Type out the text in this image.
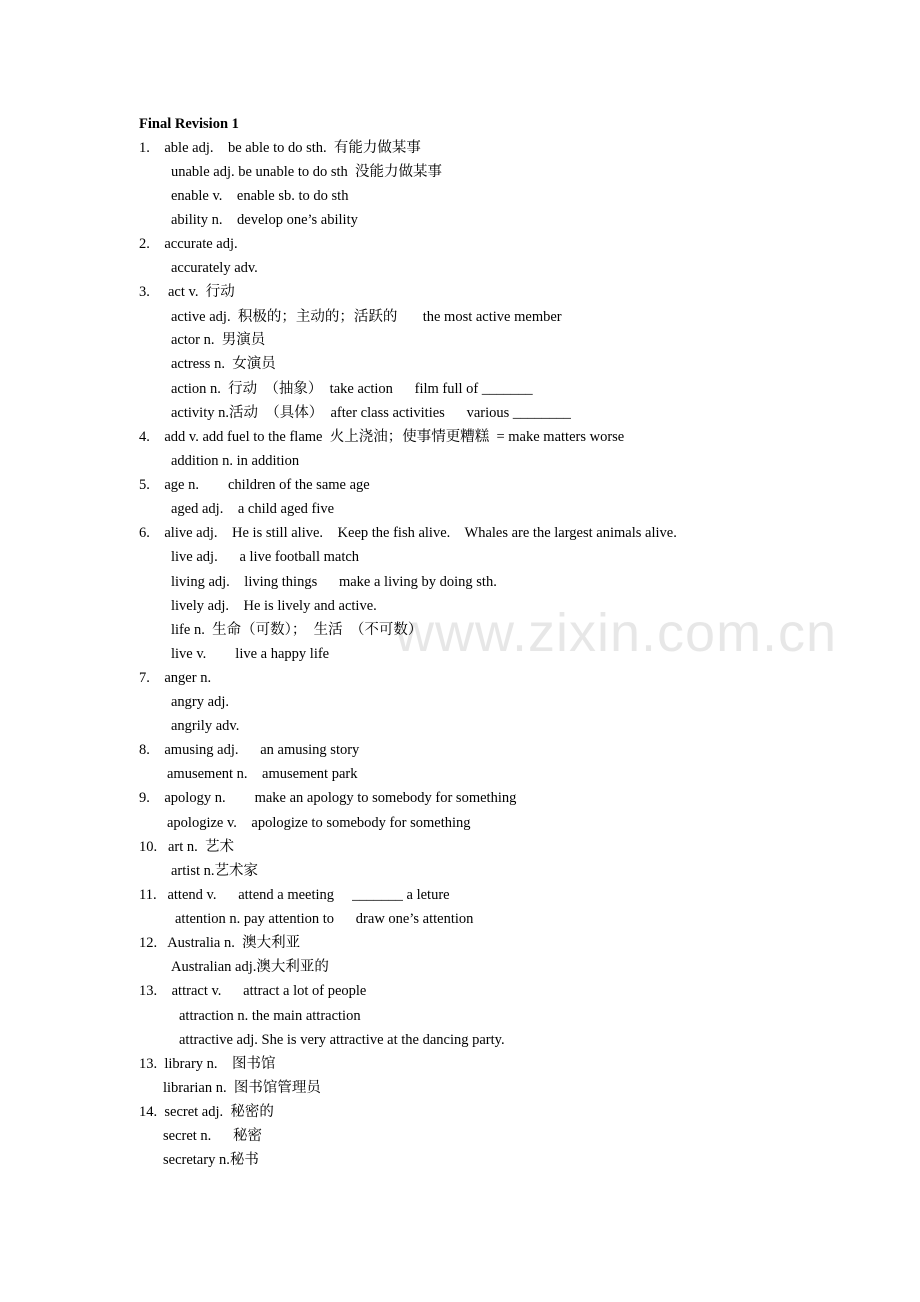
Final Revision 1
1.    able adj.    be able to do sth.  有能力做某事
unable adj. be unable to do sth  没能力做某事
enable v.    enable sb. to do sth
ability n.    develop one’s ability
2.    accurate adj.
accurately adv.
3.     act v.  行动
active adj.  积极的；主动的；活跃的       the most active member
actor n.  男演员
actress n.  女演员
action n.  行动  （抽象）  take action      film full of _______
activity n.活动  （具体）  after class activities      various ________
4.    add v. add fuel to the flame  火上浇油；使事情更糟糕  = make matters worse
addition n. in addition
5.    age n.        children of the same age
aged adj.    a child aged five
6.    alive adj.    He is still alive.    Keep the fish alive.    Whales are the largest animals alive.
live adj.      a live football match
living adj.    living things      make a living by doing sth.
lively adj.    He is lively and active.
life n.  生命（可数）；  生活  （不可数）
live v.        live a happy life
7.    anger n.
angry adj.
angrily adv.
8.    amusing adj.      an amusing story
amusement n.    amusement park
9.    apology n.        make an apology to somebody for something
apologize v.    apologize to somebody for something
10.   art n.  艺术
artist n.艺术家
11.   attend v.      attend a meeting     _______ a leture
attention n. pay attention to      draw one’s attention
12.   Australia n.  澳大利亚
Australian adj.澳大利亚的
13.    attract v.      attract a lot of people
attraction n. the main attraction
attractive adj. She is very attractive at the dancing party.
13.  library n.    图书馆
librarian n.  图书馆管理员
14.  secret adj.  秘密的
secret n.      秘密
secretary n.秘书
www.zixin.com.cn
